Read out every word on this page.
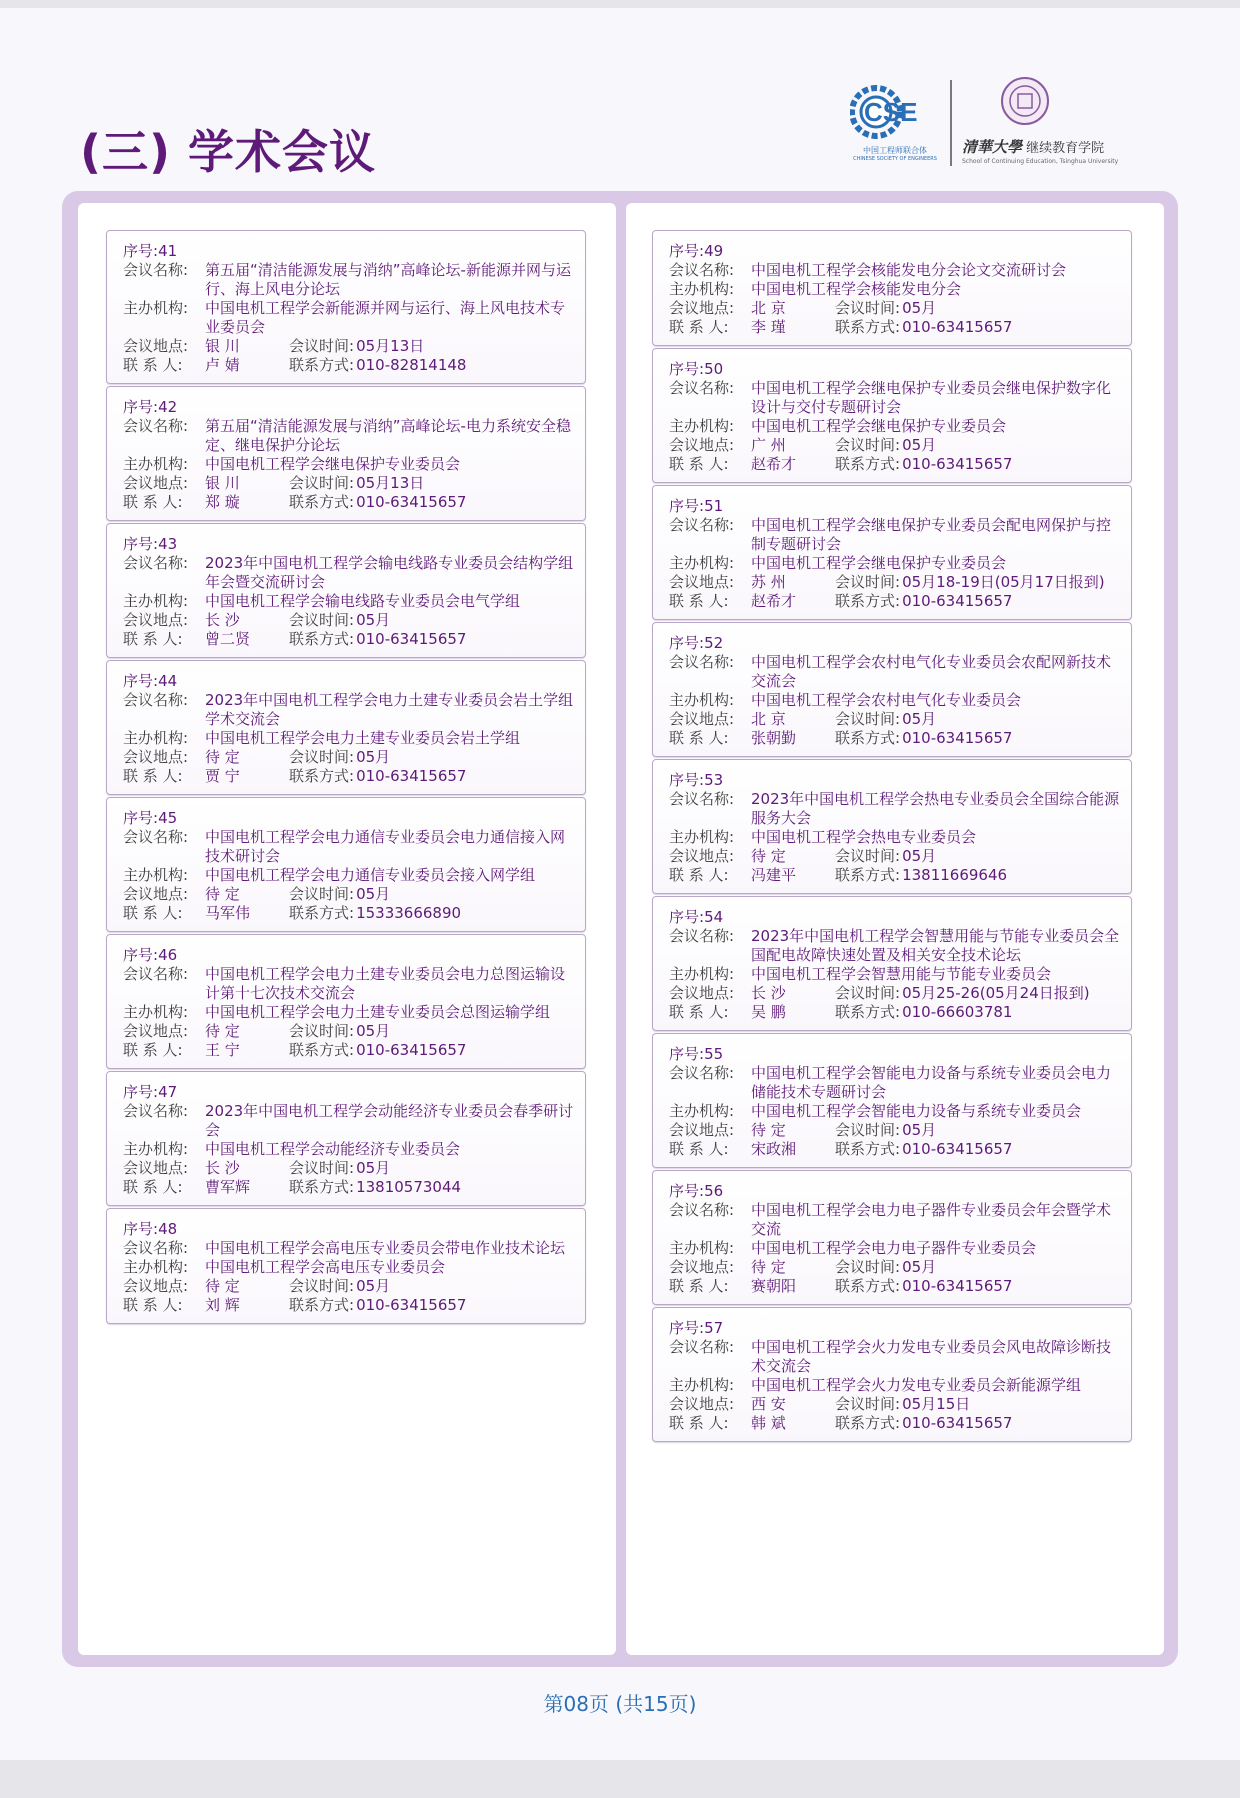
(三) 学术会议
CSE
中国工程师联合体
CHINESE SOCIETY OF ENGINEERS
清華大學 继续教育学院
School of Continuing Education, Tsinghua University

序号:41
会议名称:	第五届“清洁能源发展与消纳”高峰论坛-新能源并网与运行、海上风电分论坛
主办机构:	中国电机工程学会新能源并网与运行、海上风电技术专业委员会
会议地点:	银 川	会议时间: 05月13日
联 系 人:	卢 婧	联系方式: 010-82814148
序号:42
会议名称:	第五届“清洁能源发展与消纳”高峰论坛-电力系统安全稳定、继电保护分论坛
主办机构:	中国电机工程学会继电保护专业委员会
会议地点:	银 川	会议时间: 05月13日
联 系 人:	郑 璇	联系方式: 010-63415657
序号:43
会议名称:	2023年中国电机工程学会输电线路专业委员会结构学组年会暨交流研讨会
主办机构:	中国电机工程学会输电线路专业委员会电气学组
会议地点:	长 沙	会议时间: 05月
联 系 人:	曾二贤	联系方式: 010-63415657
序号:44
会议名称:	2023年中国电机工程学会电力土建专业委员会岩土学组学术交流会
主办机构:	中国电机工程学会电力土建专业委员会岩土学组
会议地点:	待 定	会议时间: 05月
联 系 人:	贾 宁	联系方式: 010-63415657
序号:45
会议名称:	中国电机工程学会电力通信专业委员会电力通信接入网技术研讨会
主办机构:	中国电机工程学会电力通信专业委员会接入网学组
会议地点:	待 定	会议时间: 05月
联 系 人:	马军伟	联系方式: 15333666890
序号:46
会议名称:	中国电机工程学会电力土建专业委员会电力总图运输设计第十七次技术交流会
主办机构:	中国电机工程学会电力土建专业委员会总图运输学组
会议地点:	待 定	会议时间: 05月
联 系 人:	王 宁	联系方式: 010-63415657
序号:47
会议名称:	2023年中国电机工程学会动能经济专业委员会春季研讨会
主办机构:	中国电机工程学会动能经济专业委员会
会议地点:	长 沙	会议时间: 05月
联 系 人:	曹军辉	联系方式: 13810573044
序号:48
会议名称:	中国电机工程学会高电压专业委员会带电作业技术论坛
主办机构:	中国电机工程学会高电压专业委员会
会议地点:	待 定	会议时间: 05月
联 系 人:	刘 辉	联系方式: 010-63415657
序号:49
会议名称:	中国电机工程学会核能发电分会论文交流研讨会
主办机构:	中国电机工程学会核能发电分会
会议地点:	北 京	会议时间: 05月
联 系 人:	李 瑾	联系方式: 010-63415657
序号:50
会议名称:	中国电机工程学会继电保护专业委员会继电保护数字化设计与交付专题研讨会
主办机构:	中国电机工程学会继电保护专业委员会
会议地点:	广 州	会议时间: 05月
联 系 人:	赵希才	联系方式: 010-63415657
序号:51
会议名称:	中国电机工程学会继电保护专业委员会配电网保护与控制专题研讨会
主办机构:	中国电机工程学会继电保护专业委员会
会议地点:	苏 州	会议时间: 05月18-19日(05月17日报到)
联 系 人:	赵希才	联系方式: 010-63415657
序号:52
会议名称:	中国电机工程学会农村电气化专业委员会农配网新技术交流会
主办机构:	中国电机工程学会农村电气化专业委员会
会议地点:	北 京	会议时间: 05月
联 系 人:	张朝勤	联系方式: 010-63415657
序号:53
会议名称:	2023年中国电机工程学会热电专业委员会全国综合能源服务大会
主办机构:	中国电机工程学会热电专业委员会
会议地点:	待 定	会议时间: 05月
联 系 人:	冯建平	联系方式: 13811669646
序号:54
会议名称:	2023年中国电机工程学会智慧用能与节能专业委员会全国配电故障快速处置及相关安全技术论坛
主办机构:	中国电机工程学会智慧用能与节能专业委员会
会议地点:	长 沙	会议时间: 05月25-26(05月24日报到)
联 系 人:	吴 鹏	联系方式: 010-66603781
序号:55
会议名称:	中国电机工程学会智能电力设备与系统专业委员会电力储能技术专题研讨会
主办机构:	中国电机工程学会智能电力设备与系统专业委员会
会议地点:	待 定	会议时间: 05月
联 系 人:	宋政湘	联系方式: 010-63415657
序号:56
会议名称:	中国电机工程学会电力电子器件专业委员会年会暨学术交流
主办机构:	中国电机工程学会电力电子器件专业委员会
会议地点:	待 定	会议时间: 05月
联 系 人:	赛朝阳	联系方式: 010-63415657
序号:57
会议名称:	中国电机工程学会火力发电专业委员会风电故障诊断技术交流会
主办机构:	中国电机工程学会火力发电专业委员会新能源学组
会议地点:	西 安	会议时间: 05月15日
联 系 人:	韩 斌	联系方式: 010-63415657
第08页 (共15页)
